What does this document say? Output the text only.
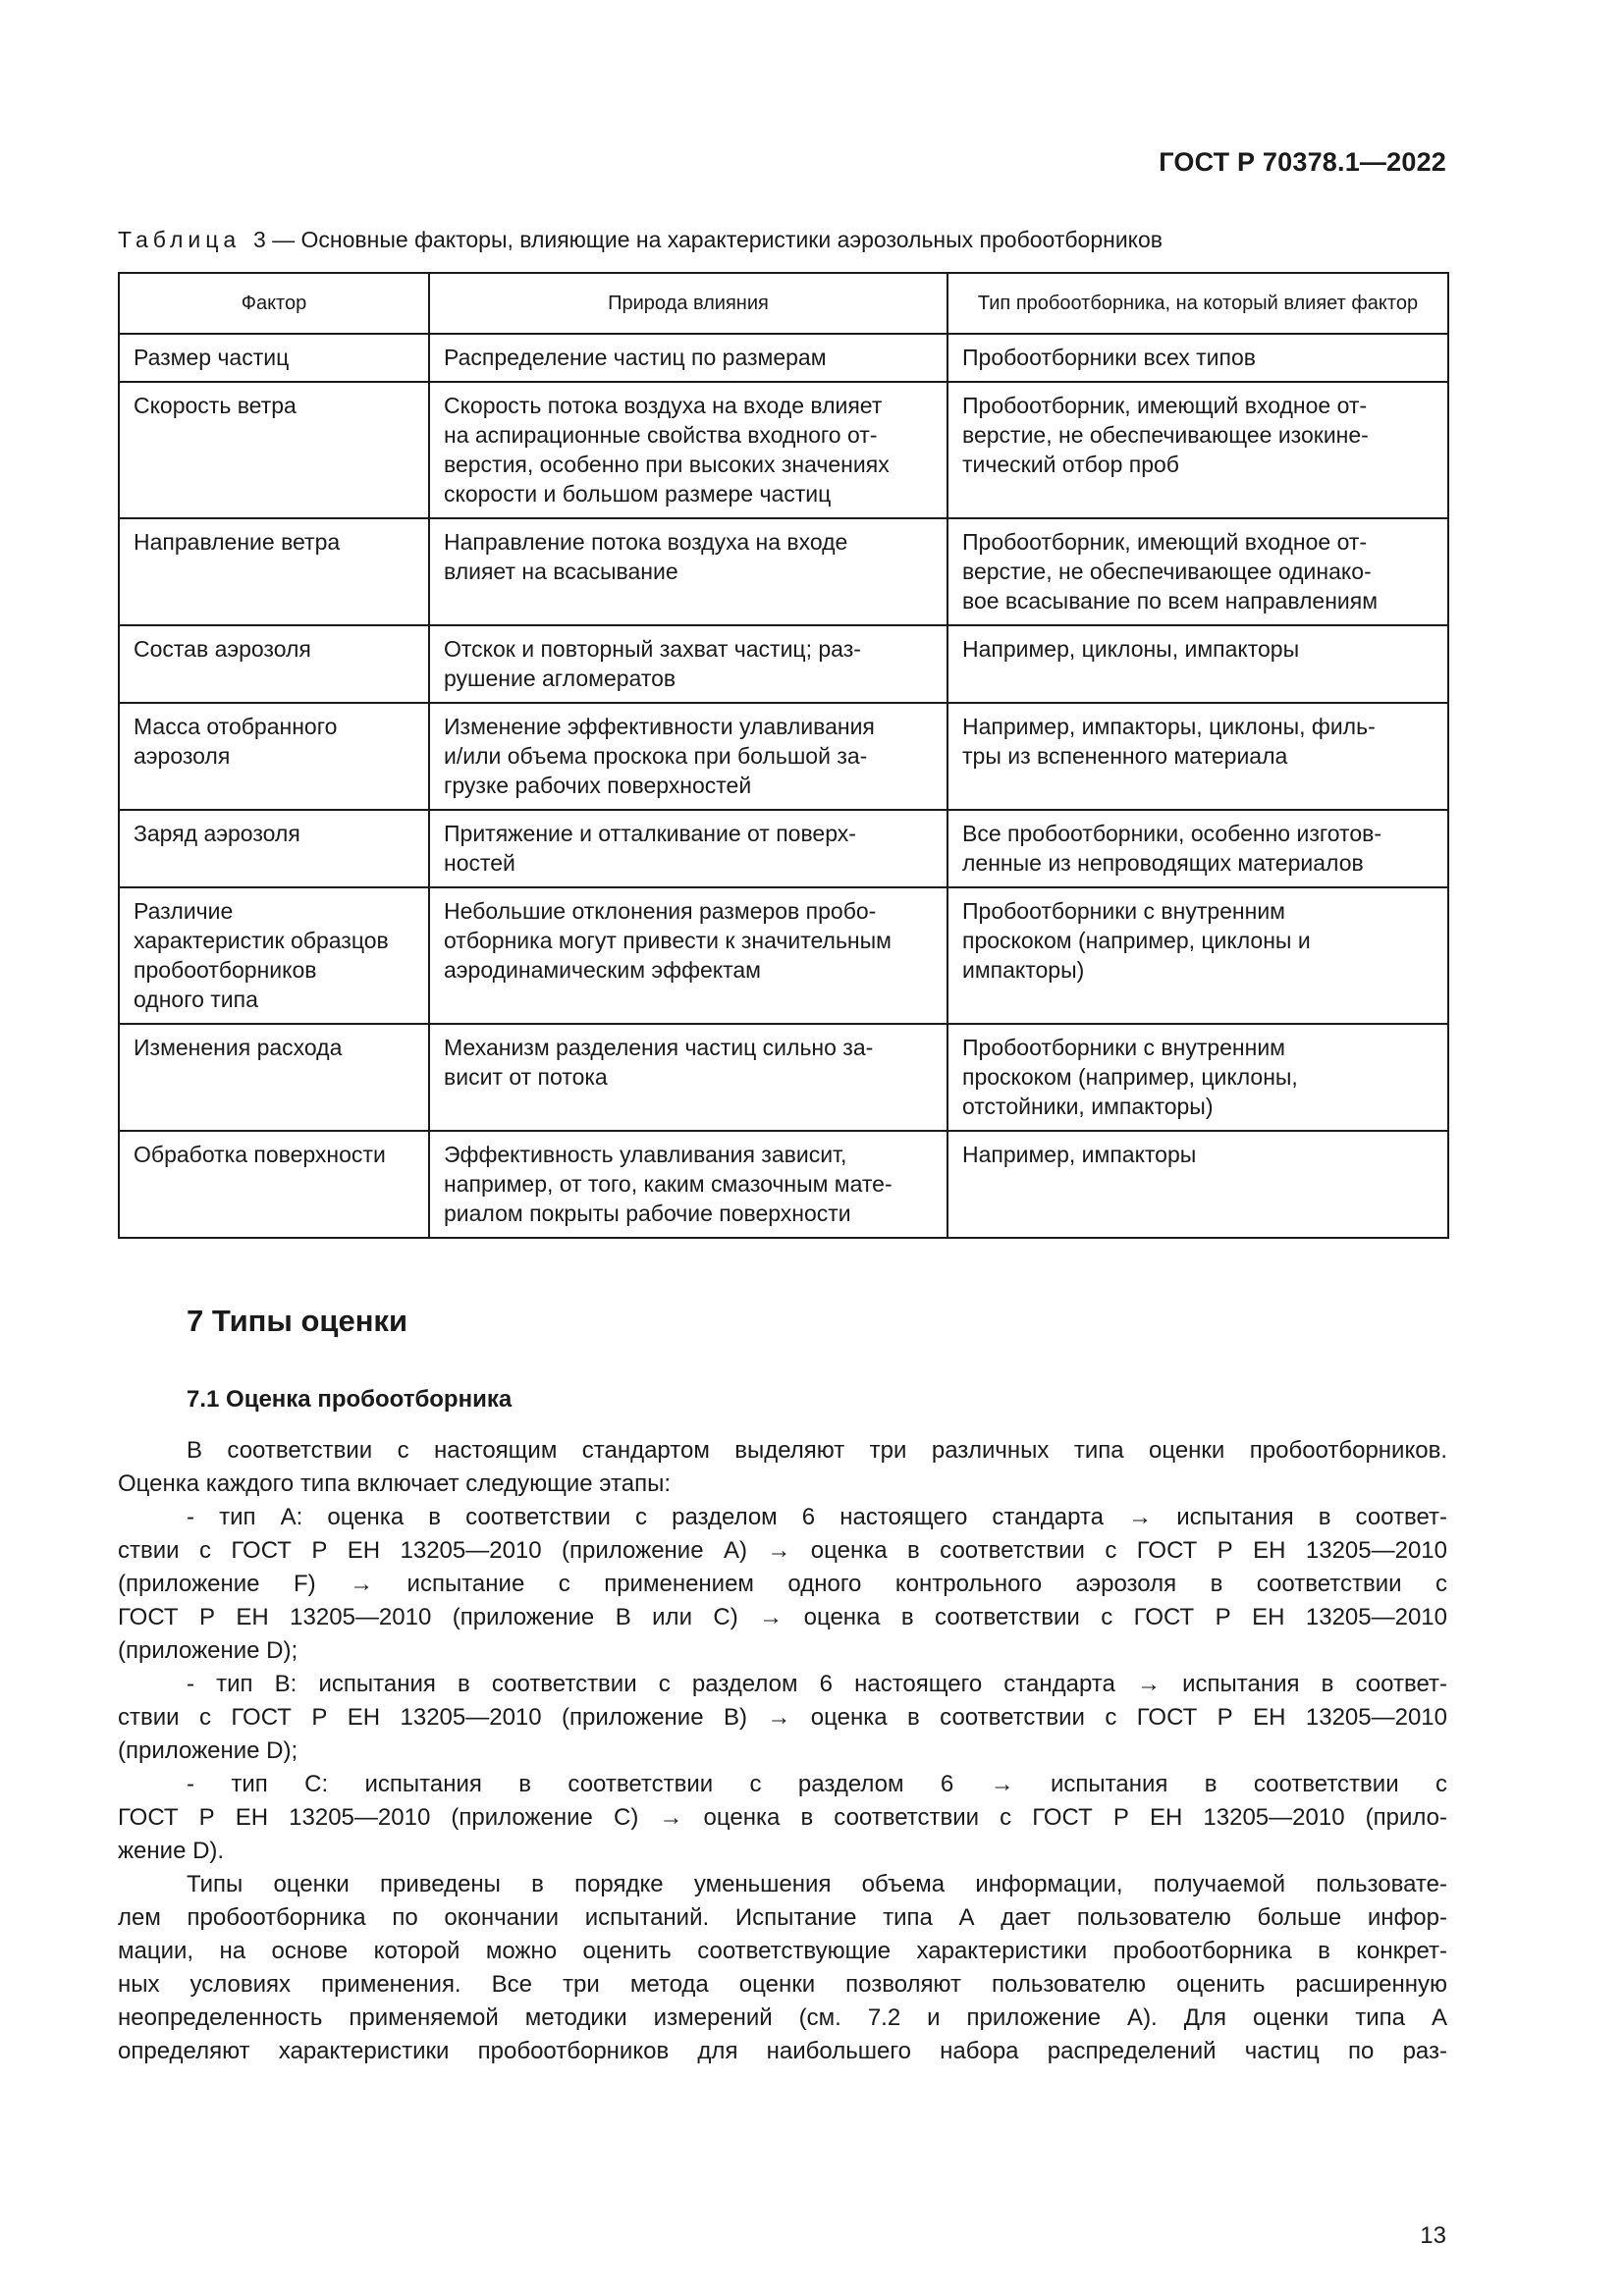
ГОСТ Р 70378.1—2022
Таблица 3 — Основные факторы, влияющие на характеристики аэрозольных пробоотборников
Фактор	Природа влияния	Тип пробоотборника, на который влияет фактор

Размер частиц	Распределение частиц по размерам	Пробоотборники всех типов

Скорость ветра	Скорость потока воздуха на входе влияет
на аспирационные свойства входного от-
верстия, особенно при высоких значениях
скорости и большом размере частиц	Пробоотборник, имеющий входное от-
верстие, не обеспечивающее изокине-
тический отбор проб

Направление ветра	Направление потока воздуха на входе
влияет на всасывание	Пробоотборник, имеющий входное от-
верстие, не обеспечивающее одинако-
вое всасывание по всем направлениям

Состав аэрозоля	Отскок и повторный захват частиц; раз-
рушение агломератов	Например, циклоны, импакторы

Масса отобранного
аэрозоля	Изменение эффективности улавливания
и/или объема проскока при большой за-
грузке рабочих поверхностей	Например, импакторы, циклоны, филь-
тры из вспененного материала

Заряд аэрозоля	Притяжение и отталкивание от поверх-
ностей	Все пробоотборники, особенно изготов-
ленные из непроводящих материалов

Различие
характеристик образцов
пробоотборников
одного типа	Небольшие отклонения размеров пробо-
отборника могут привести к значительным
аэродинамическим эффектам	Пробоотборники с внутренним
проскоком (например, циклоны и
импакторы)

Изменения расхода	Механизм разделения частиц сильно за-
висит от потока	Пробоотборники с внутренним
проскоком (например, циклоны,
отстойники, импакторы)

Обработка поверхности	Эффективность улавливания зависит,
например, от того, каким смазочным мате-
риалом покрыты рабочие поверхности	Например, импакторы
7 Типы оценки
7.1 Оценка пробоотборника
В соответствии с настоящим стандартом выделяют три различных типа оценки пробоотборников.
Оценка каждого типа включает следующие этапы:
- тип А: оценка в соответствии с разделом 6 настоящего стандарта → испытания в соответ-
ствии с ГОСТ Р ЕН 13205—2010 (приложение A) → оценка в соответствии с ГОСТ Р ЕН 13205—2010
(приложение F) → испытание с применением одного контрольного аэрозоля в соответствии с
ГОСТ Р ЕН 13205—2010 (приложение В или С) → оценка в соответствии с ГОСТ Р ЕН 13205—2010
(приложение D);
- тип В: испытания в соответствии с разделом 6 настоящего стандарта → испытания в соответ-
ствии с ГОСТ Р ЕН 13205—2010 (приложение В) → оценка в соответствии с ГОСТ Р ЕН 13205—2010
(приложение D);
- тип С: испытания в соответствии с разделом 6 → испытания в соответствии с
ГОСТ Р ЕН 13205—2010 (приложение С) → оценка в соответствии с ГОСТ Р ЕН 13205—2010 (прило-
жение D).
Типы оценки приведены в порядке уменьшения объема информации, получаемой пользовате-
лем пробоотборника по окончании испытаний. Испытание типа А дает пользователю больше инфор-
мации, на основе которой можно оценить соответствующие характеристики пробоотборника в конкрет-
ных условиях применения. Все три метода оценки позволяют пользователю оценить расширенную
неопределенность применяемой методики измерений (см. 7.2 и приложение А). Для оценки типа А
определяют характеристики пробоотборников для наибольшего набора распределений частиц по раз-
13
